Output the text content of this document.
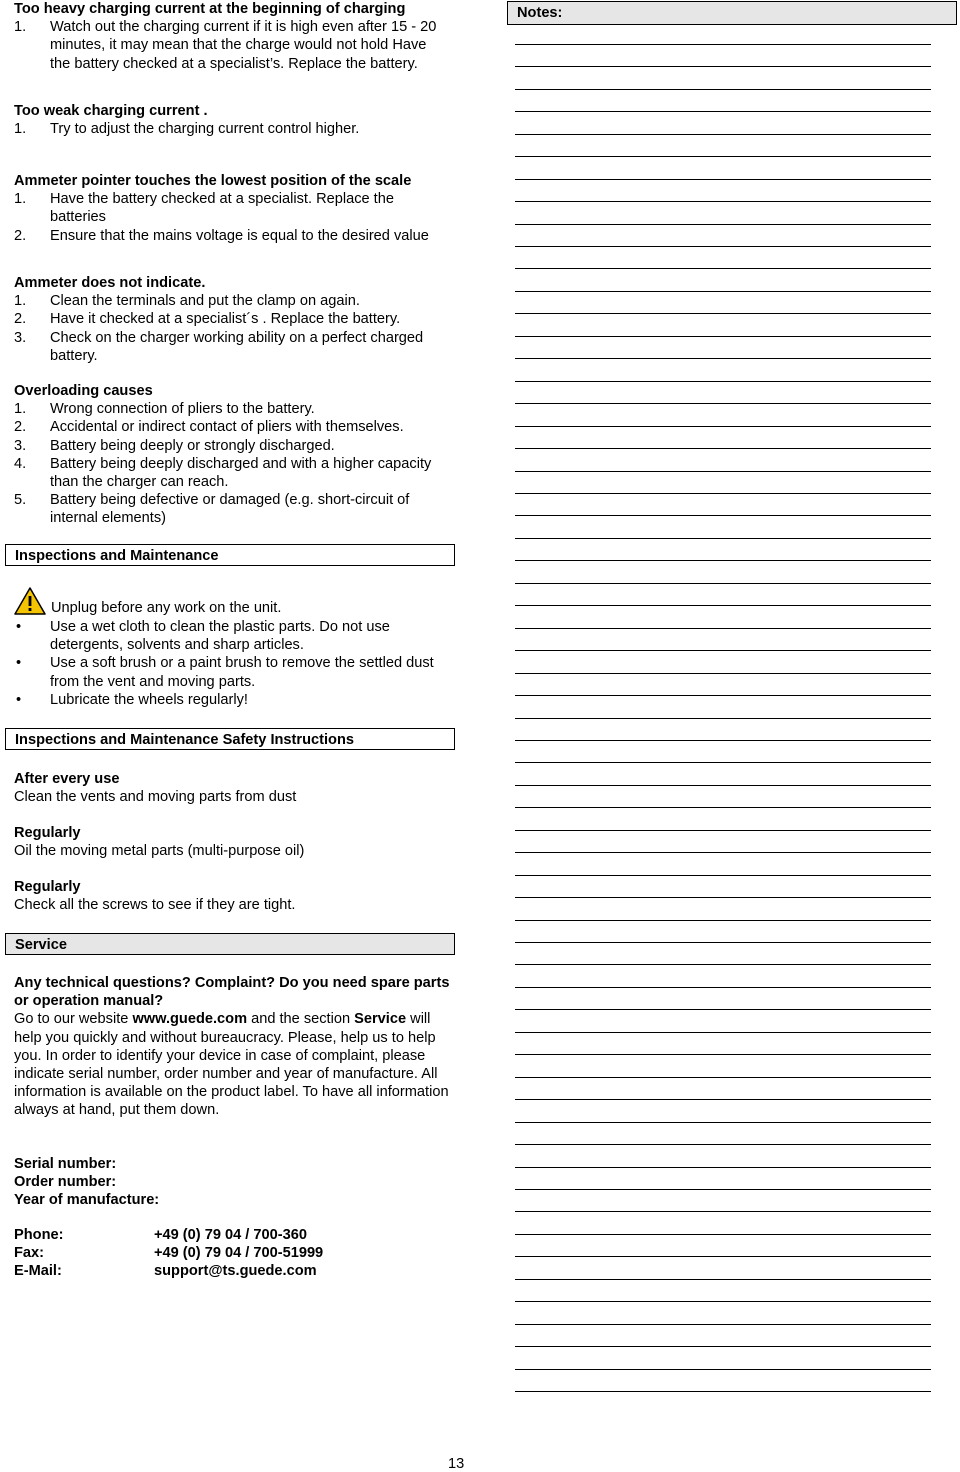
Too heavy charging current at the beginning of charging
1. Watch out the charging current if it is high even after 15 - 20 minutes, it may mean that the charge would not hold Have the battery checked at a specialist’s. Replace the battery.
Too weak charging current .
1. Try to adjust the charging current control higher.
Ammeter pointer touches the lowest position of the scale
1. Have the battery checked at a specialist. Replace the batteries
2. Ensure that the mains voltage is equal to the desired value
Ammeter does not indicate.
1. Clean the terminals and put the clamp on again.
2. Have it checked at a specialist´s . Replace the battery.
3. Check on the charger working ability on a perfect charged battery.
Overloading causes
1. Wrong connection of pliers to the battery.
2. Accidental or indirect contact of pliers with themselves.
3. Battery being deeply or strongly discharged.
4. Battery being deeply discharged and with a higher capacity than the charger can reach.
5. Battery being defective or damaged (e.g. short-circuit of internal elements)
Inspections and Maintenance
Unplug before any work on the unit.
• Use a wet cloth to clean the plastic parts. Do not use detergents, solvents and sharp articles.
• Use a soft brush or a paint brush to remove the settled dust from the vent and moving parts.
• Lubricate the wheels regularly!
Inspections and Maintenance Safety Instructions
After every use
Clean the vents and moving parts from dust
Regularly
Oil the moving metal parts (multi-purpose oil)
Regularly
Check all the screws to see if they are tight.
Service
Any technical questions? Complaint? Do you need spare parts or operation manual?
Go to our website www.guede.com and the section Service will help you quickly and without bureaucracy. Please, help us to help you. In order to identify your device in case of complaint, please indicate serial number, order number and year of manufacture. All information is available on the product label. To have all information always at hand, put them down.
Serial number:
Order number:
Year of manufacture:
Phone:	+49 (0) 79 04 / 700-360
Fax:	+49 (0) 79 04 / 700-51999
E-Mail:	support@ts.guede.com
Notes:
13
